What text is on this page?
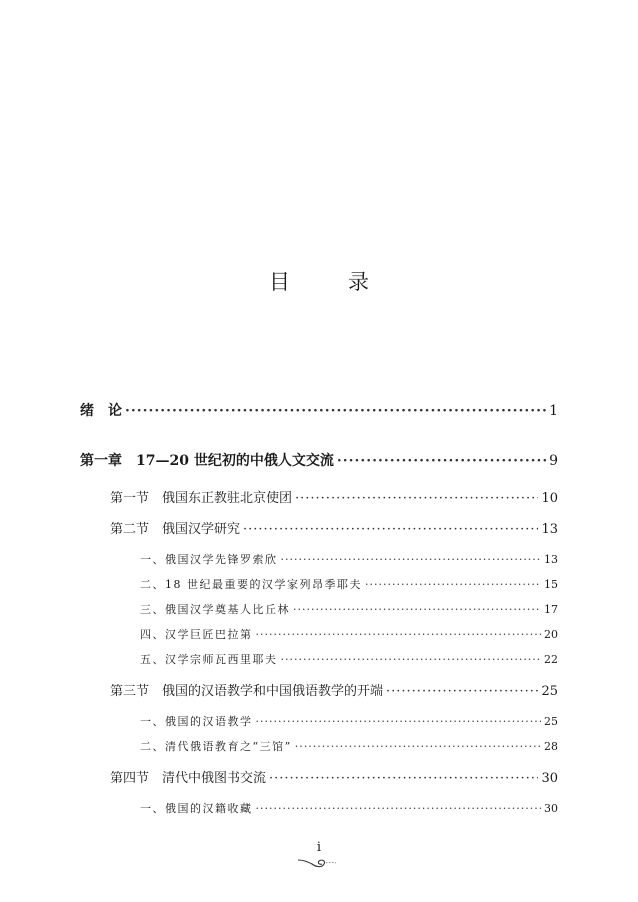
目	录
绪　论 ·····	1
第一章　17—20 世纪初的中俄人文交流 ·····	9
第一节　俄国东正教驻北京使团 ·····	10
第二节　俄国汉学研究 ·····	13
一、俄国汉学先锋罗索欣 ·····	13
二、18 世纪最重要的汉学家列昂季耶夫 ·····	15
三、俄国汉学奠基人比丘林 ·····	17
四、汉学巨匠巴拉第 ·····	20
五、汉学宗师瓦西里耶夫 ·····	22
第三节　俄国的汉语教学和中国俄语教学的开端 ·····	25
一、俄国的汉语教学 ·····	25
二、清代俄语教育之“三馆” ·····	28
第四节　清代中俄图书交流 ·····	30
一、俄国的汉籍收藏 ·····	30
i
